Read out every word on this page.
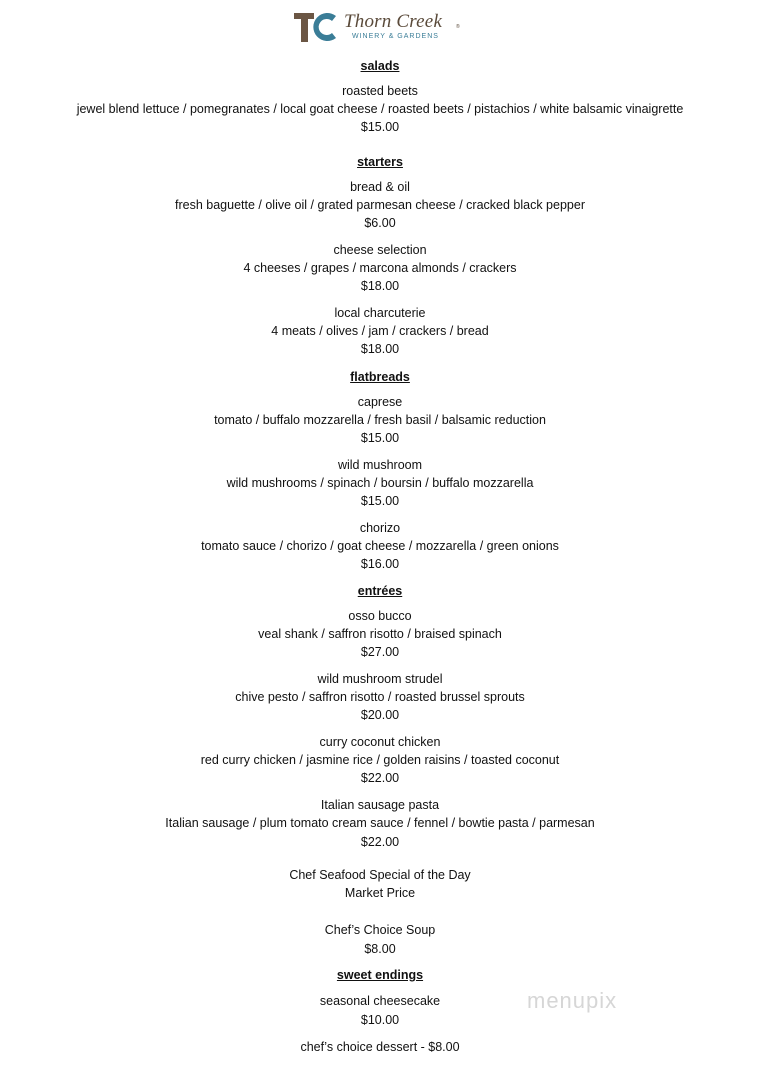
Thorn Creek	®
WINERY & GARDENS
salads
roasted beets
jewel blend lettuce / pomegranates / local goat cheese / roasted beets / pistachios / white balsamic vinaigrette
$15.00
starters
bread & oil
fresh baguette / olive oil / grated parmesan cheese / cracked black pepper
$6.00
cheese selection
4 cheeses / grapes / marcona almonds / crackers
$18.00
local charcuterie
4 meats / olives / jam / crackers / bread
$18.00
flatbreads
caprese
tomato / buffalo mozzarella / fresh basil / balsamic reduction
$15.00
wild mushroom
wild mushrooms / spinach / boursin / buffalo mozzarella
$15.00
chorizo
tomato sauce / chorizo / goat cheese / mozzarella / green onions
$16.00
entrées
osso bucco
veal shank / saffron risotto / braised spinach
$27.00
wild mushroom strudel
chive pesto / saffron risotto / roasted brussel sprouts
$20.00
curry coconut chicken
red curry chicken / jasmine rice / golden raisins / toasted coconut
$22.00
Italian sausage pasta
Italian sausage / plum tomato cream sauce / fennel / bowtie pasta / parmesan
$22.00
Chef Seafood Special of the Day
Market Price
Chef’s Choice Soup
$8.00
sweet endings
seasonal cheesecake
$10.00
chef’s choice dessert - $8.00
menupix
